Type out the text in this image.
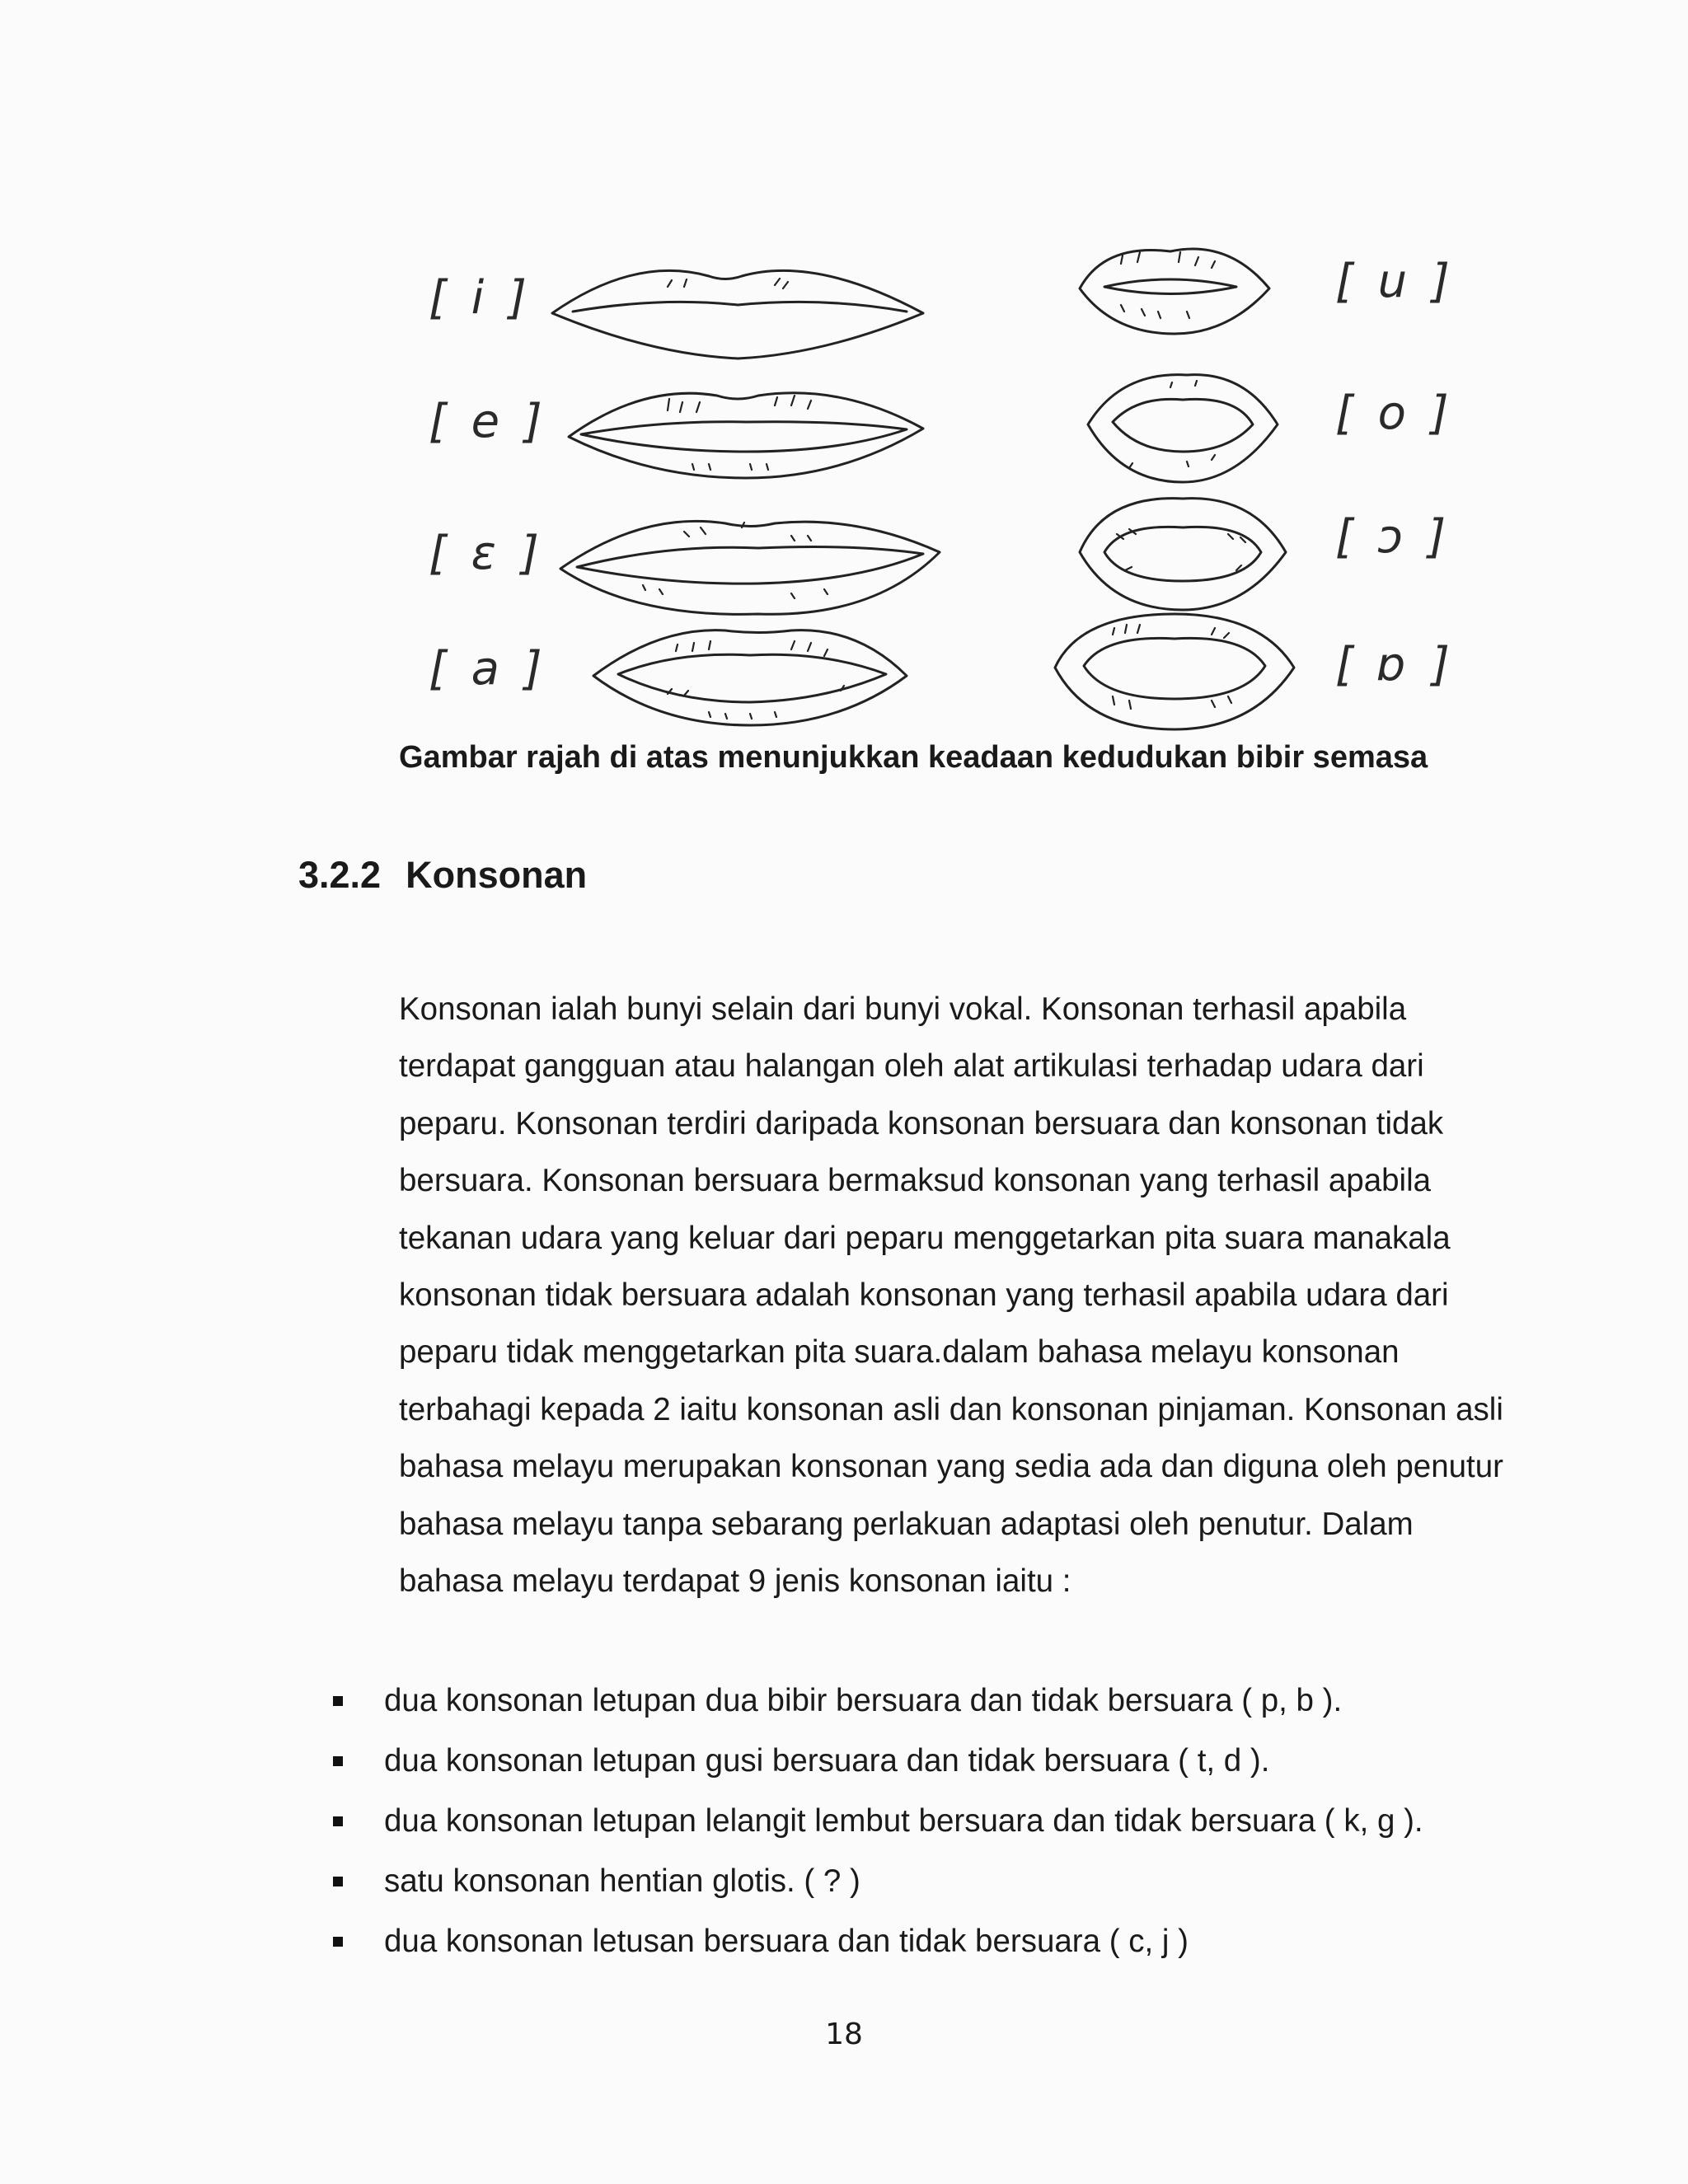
[ i ]
[ e ]
[ ɛ ]
[ a ]
[ u ]
[ o ]
[ ɔ ]
[ ɒ ]

Gambar rajah di atas menunjukkan keadaan kedudukan bibir semasa

3.2.2 Konsonan

Konsonan ialah bunyi selain dari bunyi vokal. Konsonan terhasil apabila terdapat gangguan atau halangan oleh alat artikulasi terhadap udara dari peparu. Konsonan terdiri daripada konsonan bersuara dan konsonan tidak bersuara. Konsonan bersuara bermaksud konsonan yang terhasil apabila tekanan udara yang keluar dari peparu menggetarkan pita suara manakala konsonan tidak bersuara adalah konsonan yang terhasil apabila udara dari peparu tidak menggetarkan pita suara.dalam bahasa melayu konsonan terbahagi kepada 2 iaitu konsonan asli dan konsonan pinjaman. Konsonan asli bahasa melayu merupakan konsonan yang sedia ada dan diguna oleh penutur bahasa melayu tanpa sebarang perlakuan adaptasi oleh penutur. Dalam bahasa melayu terdapat 9 jenis konsonan iaitu :

dua konsonan letupan dua bibir bersuara dan tidak bersuara ( p, b ).
dua konsonan letupan gusi bersuara dan tidak bersuara ( t, d ).
dua konsonan letupan lelangit lembut bersuara dan tidak bersuara ( k, g ).
satu konsonan hentian glotis. ( ? )
dua konsonan letusan bersuara dan tidak bersuara ( c, j )
18
